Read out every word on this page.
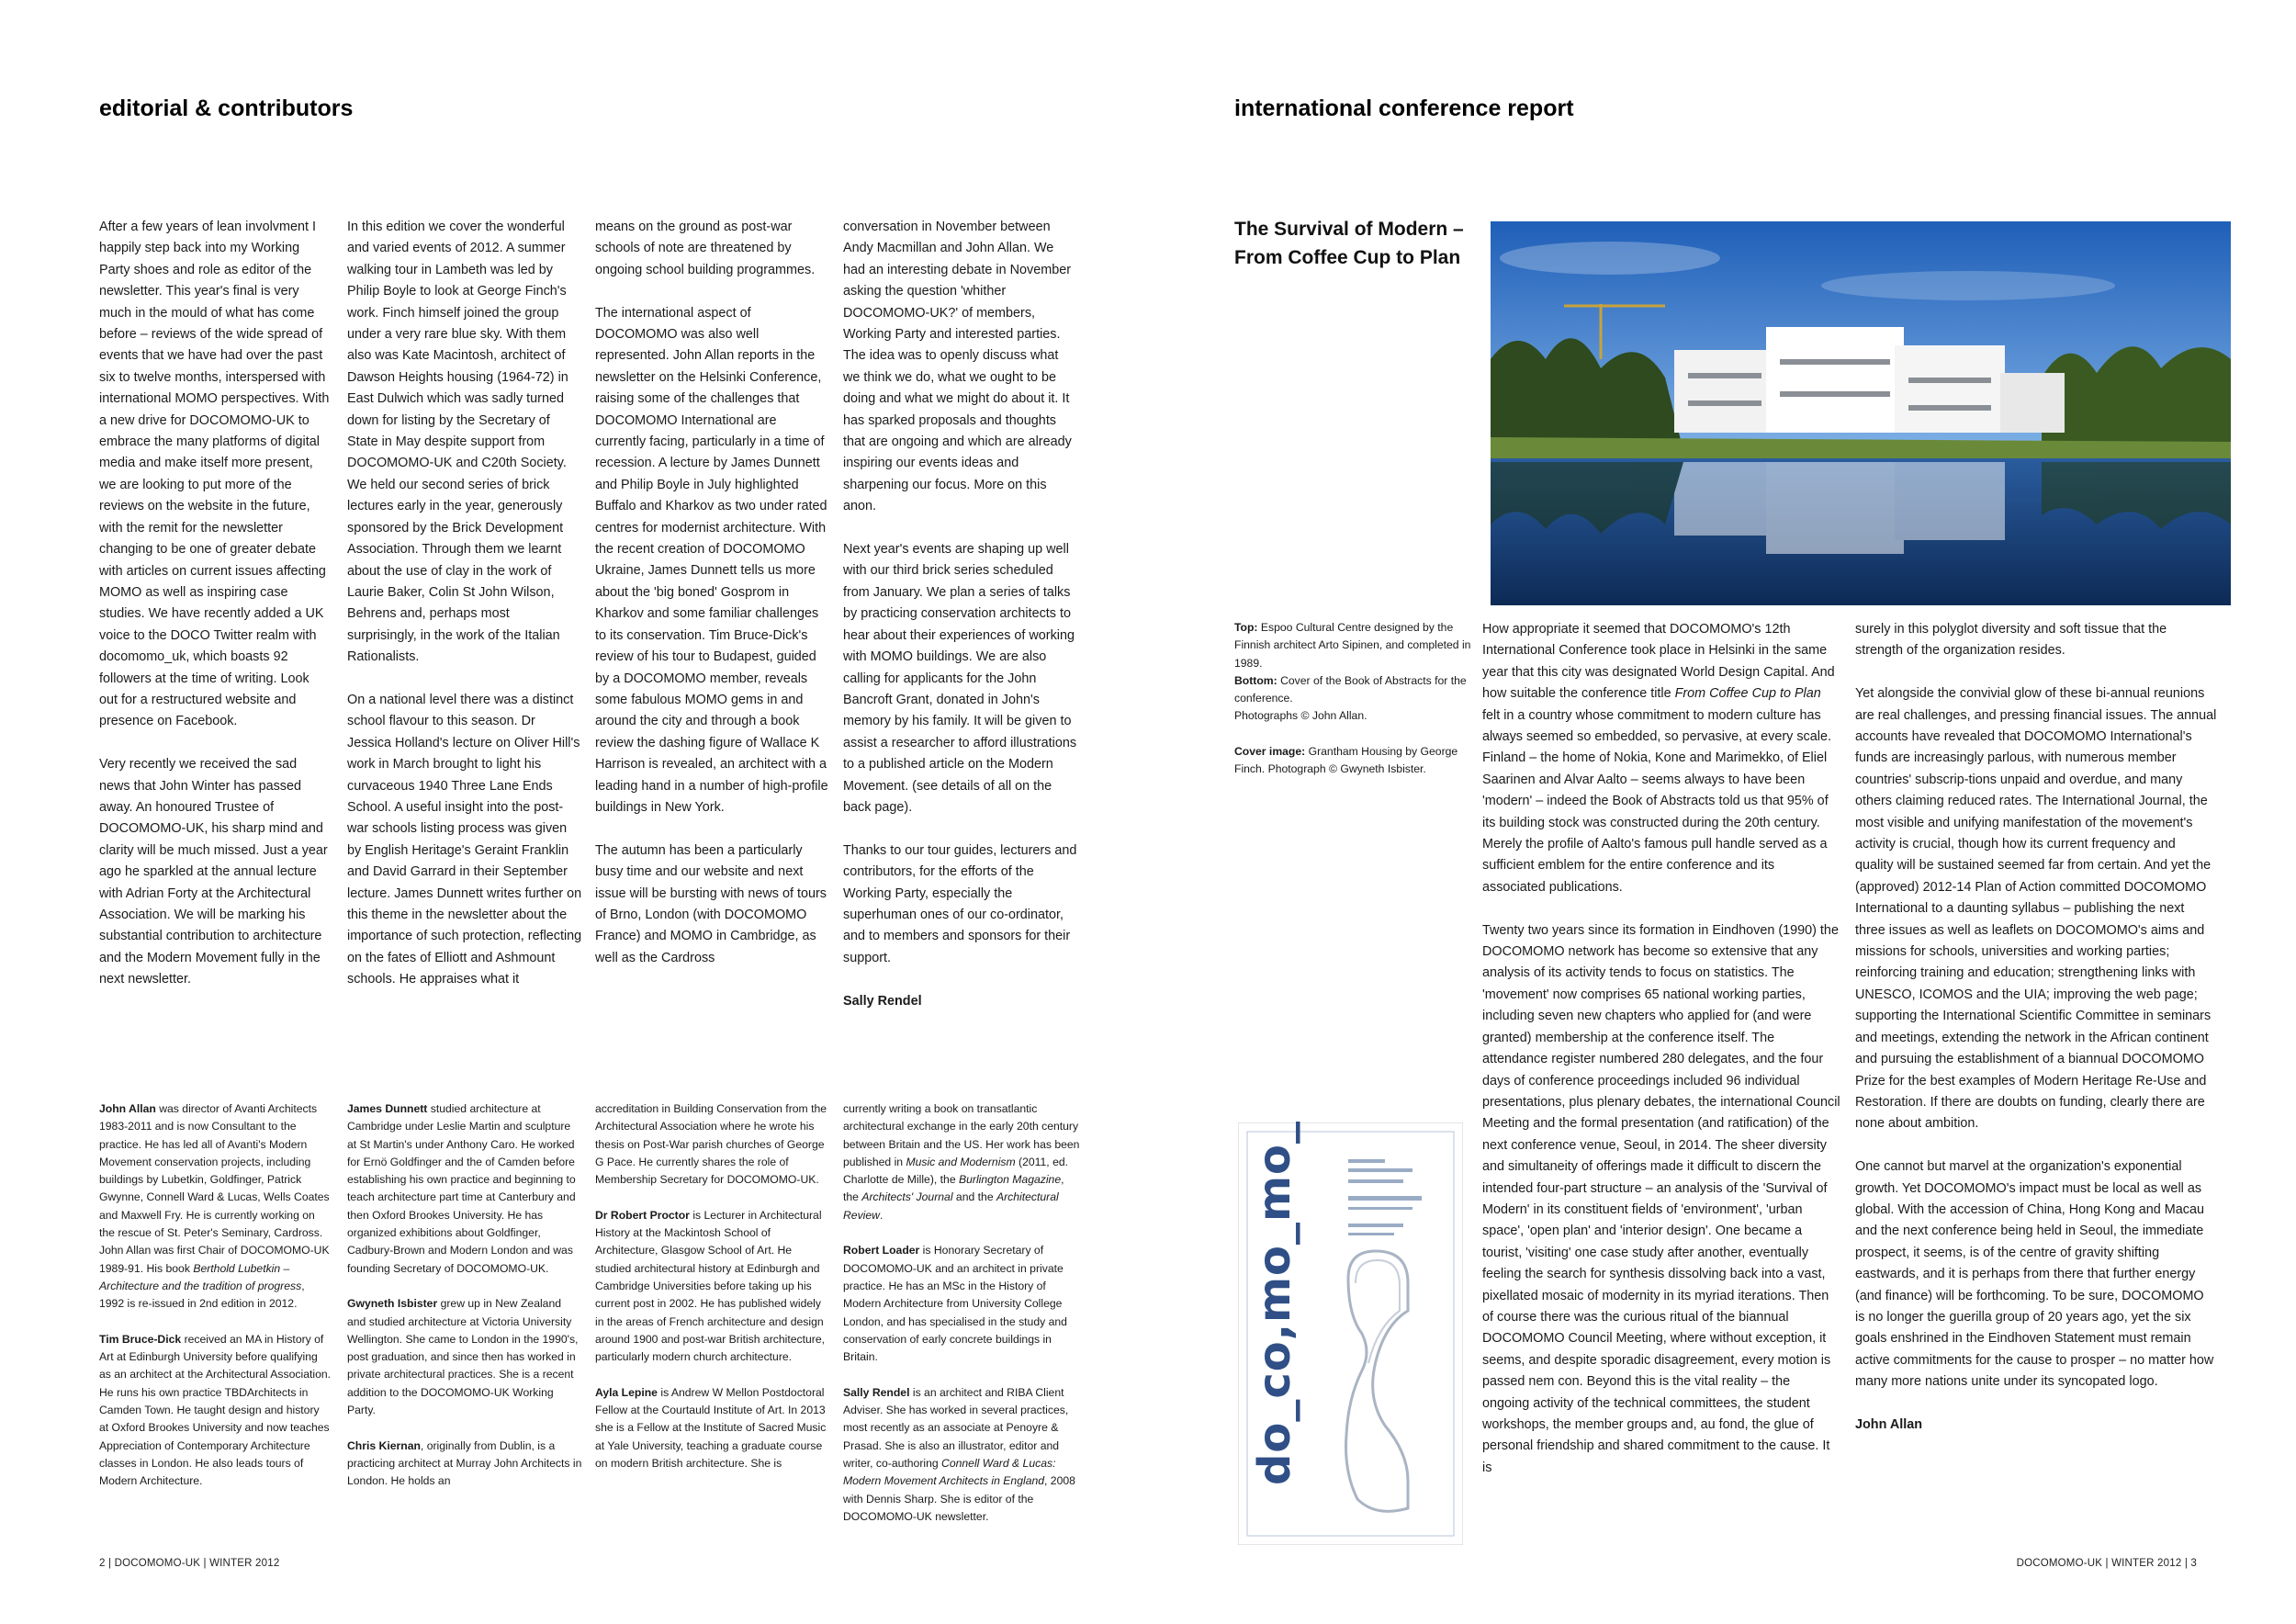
editorial & contributors

After a few years of lean involvment I happily step back into my Working Party shoes and role as editor of the newsletter. This year's final is very much in the mould of what has come before – reviews of the wide spread of events that we have had over the past six to twelve months, interspersed with international MOMO perspectives. With a new drive for DOCOMOMO-UK to embrace the many platforms of digital media and make itself more present, we are looking to put more of the reviews on the website in the future, with the remit for the newsletter changing to be one of greater debate with articles on current issues affecting MOMO as well as inspiring case studies. We have recently added a UK voice to the DOCO Twitter realm with docomomo_uk, which boasts 92 followers at the time of writing. Look out for a restructured website and presence on Facebook.

Very recently we received the sad news that John Winter has passed away. An honoured Trustee of DOCOMOMO-UK, his sharp mind and clarity will be much missed. Just a year ago he sparkled at the annual lecture with Adrian Forty at the Architectural Association. We will be marking his substantial contribution to architecture and the Modern Movement fully in the next newsletter.

In this edition we cover the wonderful and varied events of 2012. A summer walking tour in Lambeth was led by Philip Boyle to look at George Finch's work. Finch himself joined the group under a very rare blue sky. With them also was Kate Macintosh, architect of Dawson Heights housing (1964-72) in East Dulwich which was sadly turned down for listing by the Secretary of State in May despite support from DOCOMOMO-UK and C20th Society. We held our second series of brick lectures early in the year, generously sponsored by the Brick Development Association. Through them we learnt about the use of clay in the work of Laurie Baker, Colin St John Wilson, Behrens and, perhaps most surprisingly, in the work of the Italian Rationalists.

On a national level there was a distinct school flavour to this season. Dr Jessica Holland's lecture on Oliver Hill's work in March brought to light his curvaceous 1940 Three Lane Ends School. A useful insight into the post-war schools listing process was given by English Heritage's Geraint Franklin and David Garrard in their September lecture. James Dunnett writes further on this theme in the newsletter about the importance of such protection, reflecting on the fates of Elliott and Ashmount schools. He appraises what it

means on the ground as post-war schools of note are threatened by ongoing school building programmes.

The international aspect of DOCOMOMO was also well represented. John Allan reports in the newsletter on the Helsinki Conference, raising some of the challenges that DOCOMOMO International are currently facing, particularly in a time of recession. A lecture by James Dunnett and Philip Boyle in July highlighted Buffalo and Kharkov as two under rated centres for modernist architecture. With the recent creation of DOCOMOMO Ukraine, James Dunnett tells us more about the 'big boned' Gosprom in Kharkov and some familiar challenges to its conservation. Tim Bruce-Dick's review of his tour to Budapest, guided by a DOCOMOMO member, reveals some fabulous MOMO gems in and around the city and through a book review the dashing figure of Wallace K Harrison is revealed, an architect with a leading hand in a number of high-profile buildings in New York.

The autumn has been a particularly busy time and our website and next issue will be bursting with news of tours of Brno, London (with DOCOMOMO France) and MOMO in Cambridge, as well as the Cardross

conversation in November between Andy Macmillan and John Allan. We had an interesting debate in November asking the question 'whither DOCOMOMO-UK?' of members, Working Party and interested parties. The idea was to openly discuss what we think we do, what we ought to be doing and what we might do about it. It has sparked proposals and thoughts that are ongoing and which are already inspiring our events ideas and sharpening our focus. More on this anon.

Next year's events are shaping up well with our third brick series scheduled from January. We plan a series of talks by practicing conservation architects to hear about their experiences of working with MOMO buildings. We are also calling for applicants for the John Bancroft Grant, donated in John's memory by his family. It will be given to assist a researcher to afford illustrations to a published article on the Modern Movement. (see details of all on the back page).

Thanks to our tour guides, lecturers and contributors, for the efforts of the Working Party, especially the superhuman ones of our co-ordinator, and to members and sponsors for their support.

Sally Rendel

John Allan was director of Avanti Architects 1983-2011 and is now Consultant to the practice. He has led all of Avanti's Modern Movement conservation projects, including buildings by Lubetkin, Goldfinger, Patrick Gwynne, Connell Ward & Lucas, Wells Coates and Maxwell Fry. He is currently working on the rescue of St. Peter's Seminary, Cardross. John Allan was first Chair of DOCOMOMO-UK 1989-91. His book Berthold Lubetkin – Architecture and the tradition of progress, 1992 is re-issued in 2nd edition in 2012.

Tim Bruce-Dick received an MA in History of Art at Edinburgh University before qualifying as an architect at the Architectural Association. He runs his own practice TBDArchitects in Camden Town. He taught design and history at Oxford Brookes University and now teaches Appreciation of Contemporary Architecture classes in London. He also leads tours of Modern Architecture.

James Dunnett studied architecture at Cambridge under Leslie Martin and sculpture at St Martin's under Anthony Caro. He worked for Ernö Goldfinger and the of Camden before establishing his own practice and beginning to teach architecture part time at Canterbury and then Oxford Brookes University. He has organized exhibitions about Goldfinger, Cadbury-Brown and Modern London and was founding Secretary of DOCOMOMO-UK.

Gwyneth Isbister grew up in New Zealand and studied architecture at Victoria University Wellington. She came to London in the 1990's, post graduation, and since then has worked in private architectural practices. She is a recent addition to the DOCOMOMO-UK Working Party.

Chris Kiernan, originally from Dublin, is a practicing architect at Murray John Architects in London. He holds an

accreditation in Building Conservation from the Architectural Association where he wrote his thesis on Post-War parish churches of George G Pace. He currently shares the role of Membership Secretary for DOCOMOMO-UK.

Dr Robert Proctor is Lecturer in Architectural History at the Mackintosh School of Architecture, Glasgow School of Art. He studied architectural history at Edinburgh and Cambridge Universities before taking up his current post in 2002. He has published widely in the areas of French architecture and design around 1900 and post-war British architecture, particularly modern church architecture.

Ayla Lepine is Andrew W Mellon Postdoctoral Fellow at the Courtauld Institute of Art. In 2013 she is a Fellow at the Institute of Sacred Music at Yale University, teaching a graduate course on modern British architecture. She is

currently writing a book on transatlantic architectural exchange in the early 20th century between Britain and the US. Her work has been published in Music and Modernism (2011, ed. Charlotte de Mille), the Burlington Magazine, the Architects' Journal and the Architectural Review.

Robert Loader is Honorary Secretary of DOCOMOMO-UK and an architect in private practice. He has an MSc in the History of Modern Architecture from University College London, and has specialised in the study and conservation of early concrete buildings in Britain.

Sally Rendel is an architect and RIBA Client Adviser. She has worked in several practices, most recently as an associate at Penoyre & Prasad. She is also an illustrator, editor and writer, co-authoring Connell Ward & Lucas: Modern Movement Architects in England, 2008 with Dennis Sharp. She is editor of the DOCOMOMO-UK newsletter.

2 | DOCOMOMO-UK | WINTER 2012
international conference report
The Survival of Modern –
From Coffee Cup to Plan

Top: Espoo Cultural Centre designed by the Finnish architect Arto Sipinen, and completed in 1989.
Bottom: Cover of the Book of Abstracts for the conference.
Photographs © John Allan.

Cover image: Grantham Housing by George Finch. Photograph © Gwyneth Isbister.

do_co,mo_mo_

How appropriate it seemed that DOCOMOMO's 12th International Conference took place in Helsinki in the same year that this city was designated World Design Capital. And how suitable the conference title From Coffee Cup to Plan felt in a country whose commitment to modern culture has always seemed so embedded, so pervasive, at every scale. Finland – the home of Nokia, Kone and Marimekko, of Eliel Saarinen and Alvar Aalto – seems always to have been 'modern' – indeed the Book of Abstracts told us that 95% of its building stock was constructed during the 20th century. Merely the profile of Aalto's famous pull handle served as a sufficient emblem for the entire conference and its associated publications.

Twenty two years since its formation in Eindhoven (1990) the DOCOMOMO network has become so extensive that any analysis of its activity tends to focus on statistics. The 'movement' now comprises 65 national working parties, including seven new chapters who applied for (and were granted) membership at the conference itself. The attendance register numbered 280 delegates, and the four days of conference proceedings included 96 individual presentations, plus plenary debates, the international Council Meeting and the formal presentation (and ratification) of the next conference venue, Seoul, in 2014. The sheer diversity and simultaneity of offerings made it difficult to discern the intended four-part structure – an analysis of the 'Survival of Modern' in its constituent fields of 'environment', 'urban space', 'open plan' and 'interior design'. One became a tourist, 'visiting' one case study after another, eventually feeling the search for synthesis dissolving back into a vast, pixellated mosaic of modernity in its myriad iterations. Then of course there was the curious ritual of the biannual DOCOMOMO Council Meeting, where without exception, it seems, and despite sporadic disagreement, every motion is passed nem con. Beyond this is the vital reality – the ongoing activity of the technical committees, the student workshops, the member groups and, au fond, the glue of personal friendship and shared commitment to the cause. It is

surely in this polyglot diversity and soft tissue that the strength of the organization resides.

Yet alongside the convivial glow of these bi-annual reunions are real challenges, and pressing financial issues. The annual accounts have revealed that DOCOMOMO International's funds are increasingly parlous, with numerous member countries' subscrip-tions unpaid and overdue, and many others claiming reduced rates. The International Journal, the most visible and unifying manifestation of the movement's activity is crucial, though how its current frequency and quality will be sustained seemed far from certain. And yet the (approved) 2012-14 Plan of Action committed DOCOMOMO International to a daunting syllabus – publishing the next three issues as well as leaflets on DOCOMOMO's aims and missions for schools, universities and working parties; reinforcing training and education; strengthening links with UNESCO, ICOMOS and the UIA; improving the web page; supporting the International Scientific Committee in seminars and meetings, extending the network in the African continent and pursuing the establishment of a biannual DOCOMOMO Prize for the best examples of Modern Heritage Re-Use and Restoration. If there are doubts on funding, clearly there are none about ambition.

One cannot but marvel at the organization's exponential growth. Yet DOCOMOMO's impact must be local as well as global. With the accession of China, Hong Kong and Macau and the next conference being held in Seoul, the immediate prospect, it seems, is of the centre of gravity shifting eastwards, and it is perhaps from there that further energy (and finance) will be forthcoming. To be sure, DOCOMOMO is no longer the guerilla group of 20 years ago, yet the six goals enshrined in the Eindhoven Statement must remain active commitments for the cause to prosper – no matter how many more nations unite under its syncopated logo.

John Allan

DOCOMOMO-UK | WINTER 2012 | 3
